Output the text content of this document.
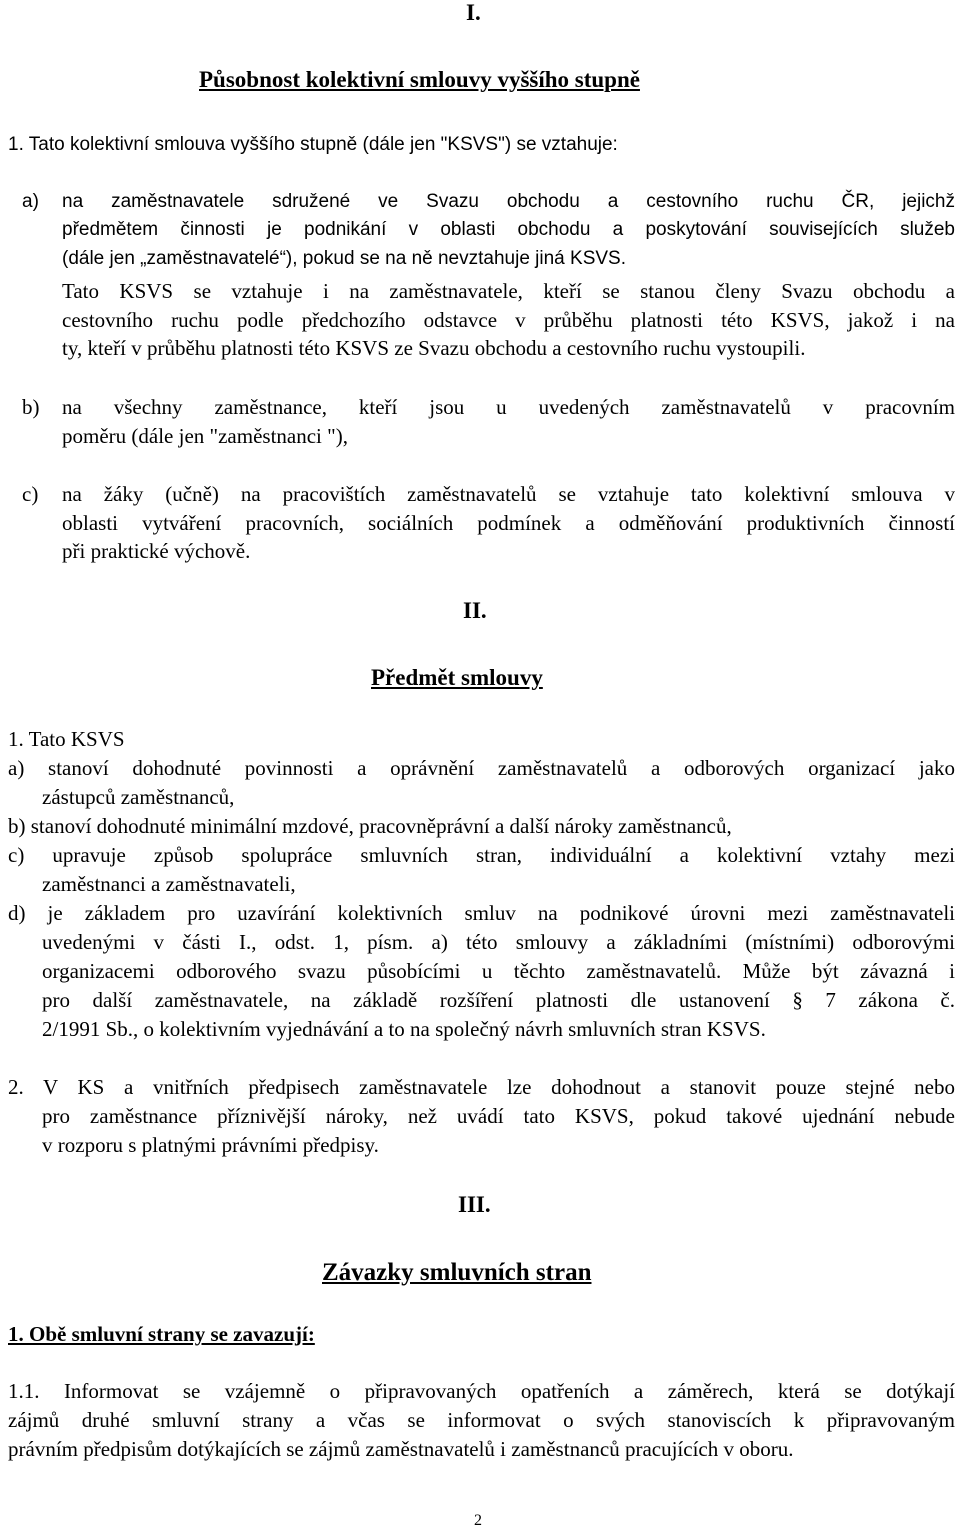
I.
Působnost kolektivní smlouvy vyššího stupně
1. Tato kolektivní smlouva vyššího stupně (dále jen "KSVS") se vztahuje:
a) na zaměstnavatele sdružené ve Svazu obchodu a cestovního ruchu ČR, jejichž
předmětem činnosti je podnikání v oblasti obchodu a poskytování souvisejících služeb
(dále jen „zaměstnavatelé“), pokud se na ně nevztahuje jiná KSVS.
Tato KSVS se vztahuje i na zaměstnavatele, kteří se stanou členy Svazu obchodu a
cestovního ruchu podle předchozího odstavce v průběhu platnosti této KSVS, jakož i na
ty, kteří v průběhu platnosti této KSVS ze Svazu obchodu a cestovního ruchu vystoupili.
b) na všechny zaměstnance, kteří jsou u uvedených zaměstnavatelů v pracovním
poměru (dále jen "zaměstnanci "),
c) na žáky (učně) na pracovištích zaměstnavatelů se vztahuje tato kolektivní smlouva v
oblasti vytváření pracovních, sociálních podmínek a odměňování produktivních činností
při praktické výchově.
II.
Předmět smlouvy
1. Tato KSVS
a) stanoví dohodnuté povinnosti a oprávnění zaměstnavatelů a odborových organizací jako
zástupců zaměstnanců,
b) stanoví dohodnuté minimální mzdové, pracovněprávní a další nároky zaměstnanců,
c) upravuje způsob spolupráce smluvních stran, individuální a kolektivní vztahy mezi
zaměstnanci a zaměstnavateli,
d) je základem pro uzavírání kolektivních smluv na podnikové úrovni mezi zaměstnavateli
uvedenými v části I., odst. 1, písm. a) této smlouvy a základními (místními) odborovými
organizacemi odborového svazu působícími u těchto zaměstnavatelů. Může být závazná i
pro další zaměstnavatele, na základě rozšíření platnosti dle ustanovení § 7 zákona č.
2/1991 Sb., o kolektivním vyjednávání a to na společný návrh smluvních stran KSVS.
2. V KS a vnitřních předpisech zaměstnavatele lze dohodnout a stanovit pouze stejné nebo
pro zaměstnance příznivější nároky, než uvádí tato KSVS, pokud takové ujednání nebude
v rozporu s platnými právními předpisy.
III.
Závazky smluvních stran
1. Obě smluvní strany se zavazují:
1.1. Informovat se vzájemně o připravovaných opatřeních a záměrech, která se dotýkají
zájmů druhé smluvní strany a včas se informovat o svých stanoviscích k připravovaným
právním předpisům dotýkajících se zájmů zaměstnavatelů i zaměstnanců pracujících v oboru.
2
